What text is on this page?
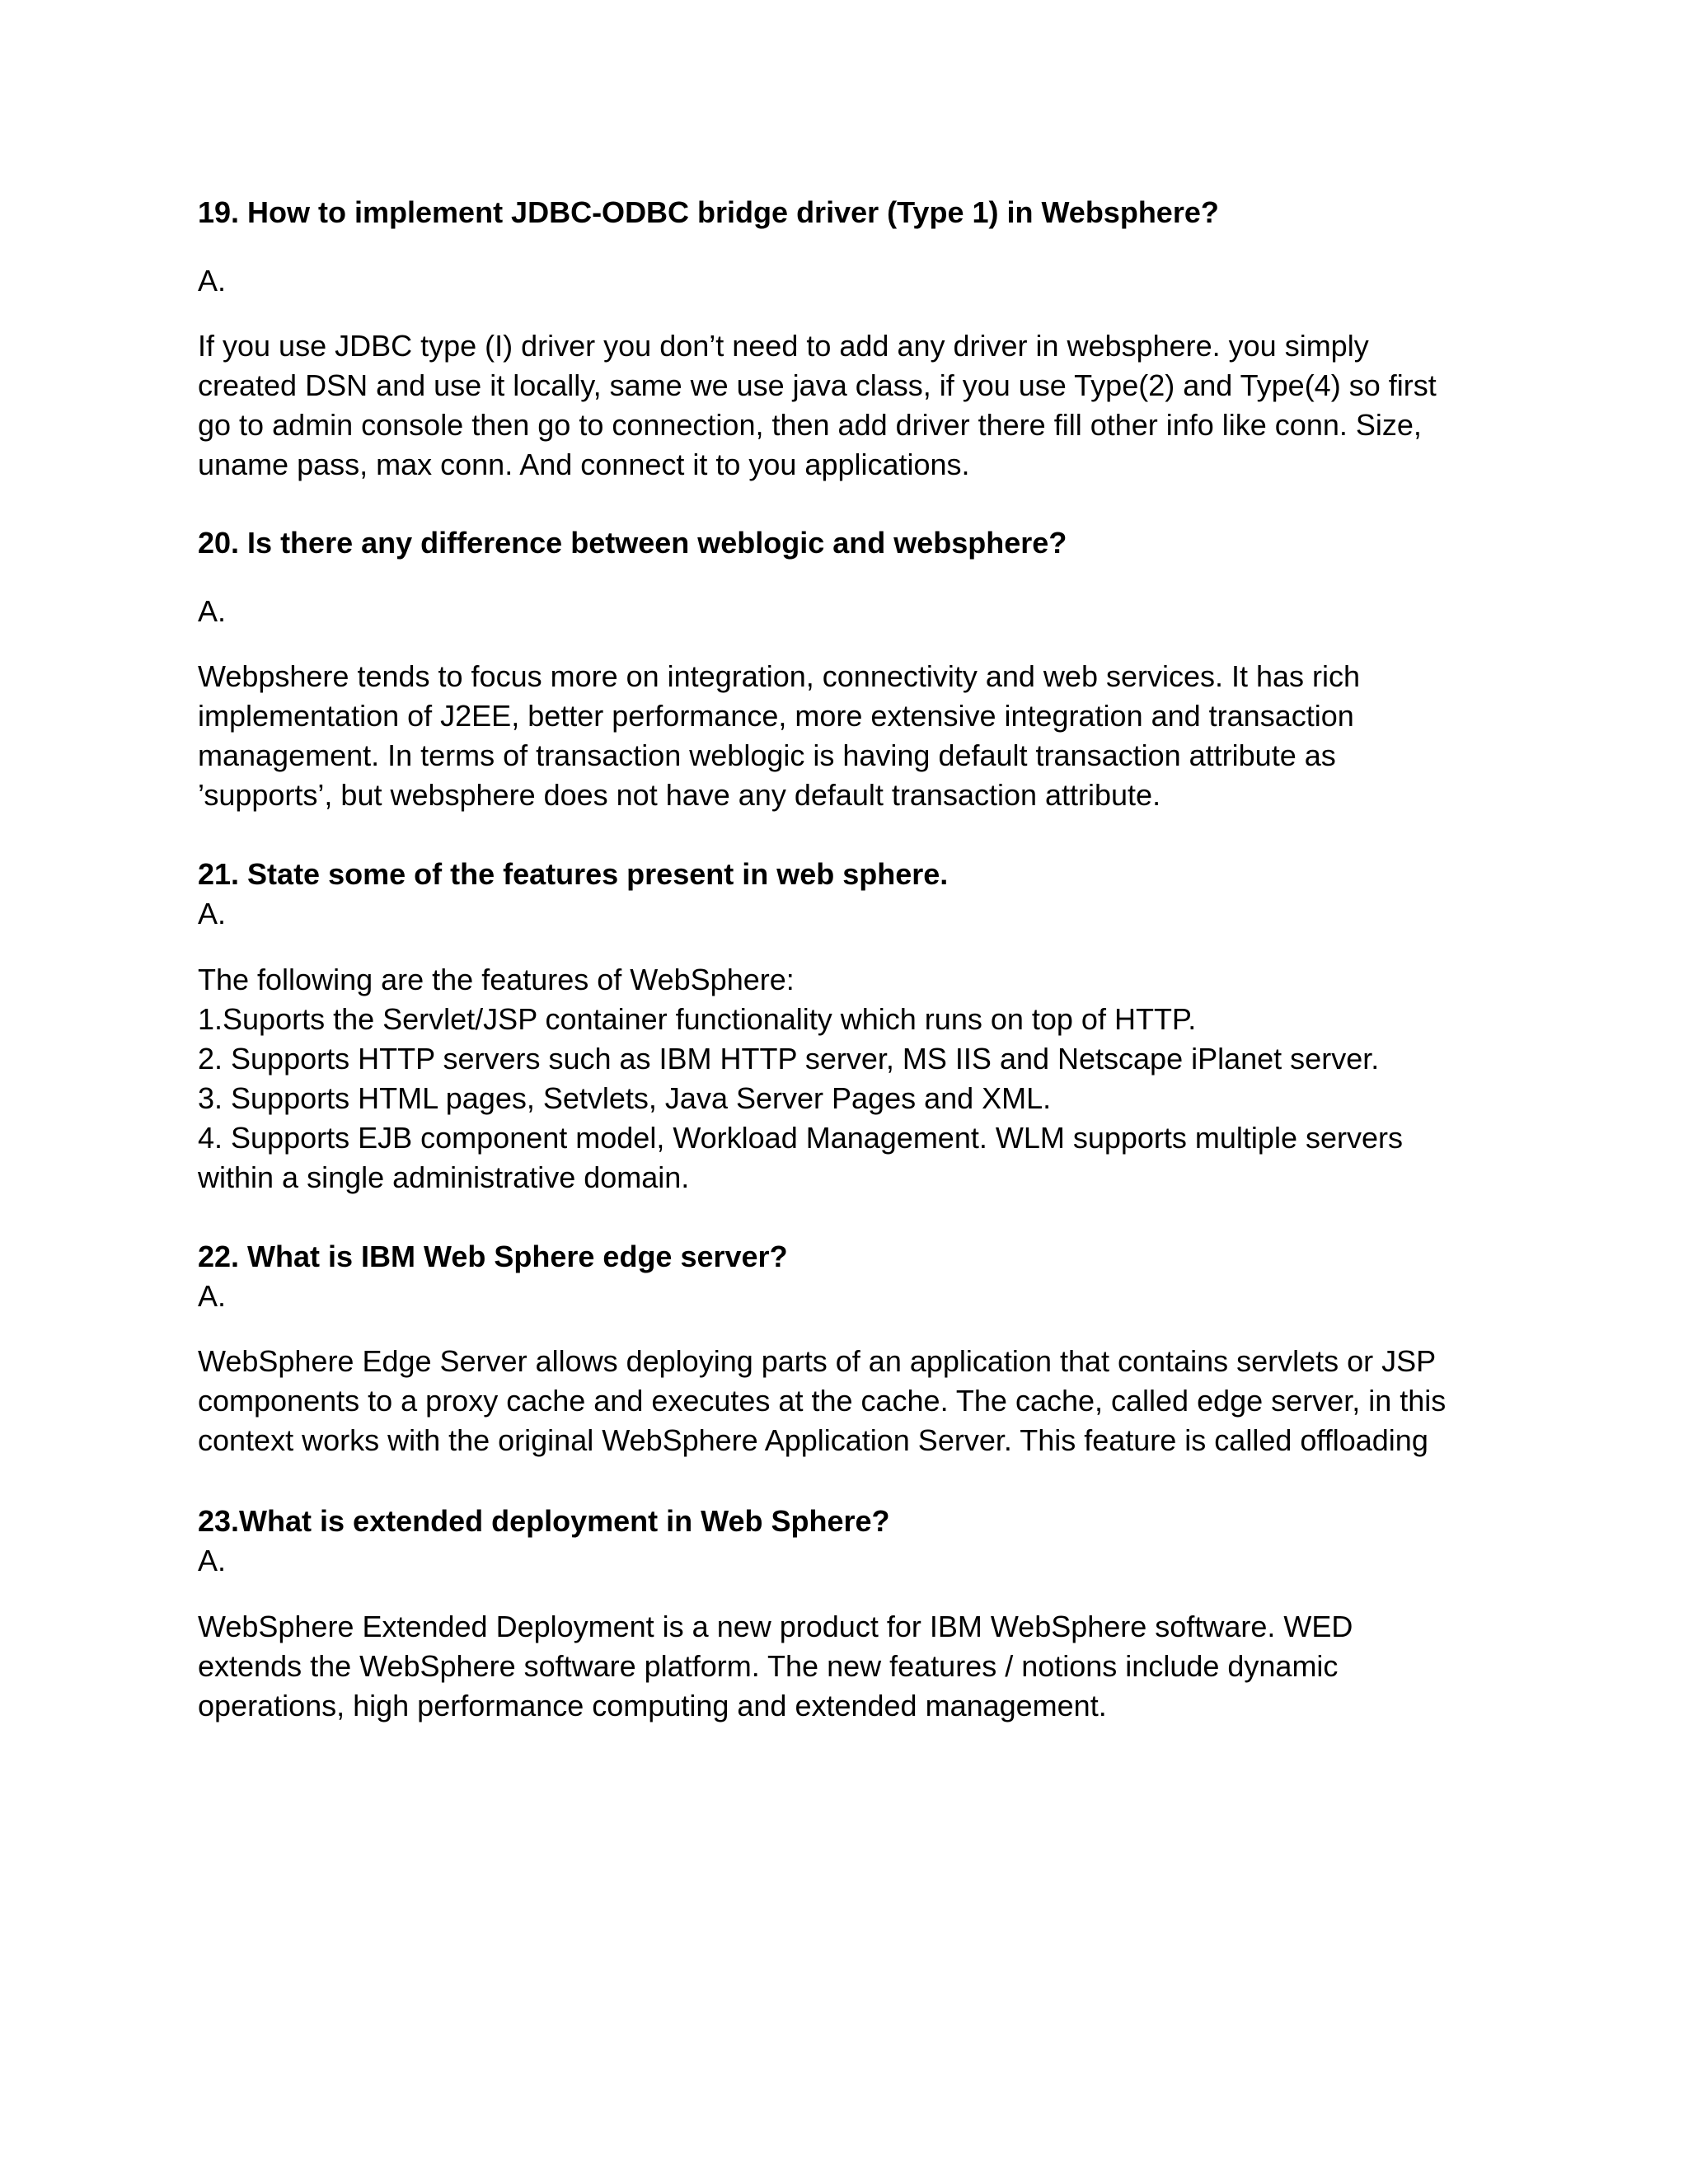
19. How to implement JDBC-ODBC bridge driver (Type 1) in Websphere?

A.

If you use JDBC type (I) driver you don’t need to add any driver in websphere. you simply

created DSN and use it locally, same we use java class, if you use Type(2) and Type(4) so first

go to admin console then go to connection, then add driver there fill other info like conn. Size,

uname pass, max conn. And connect it to you applications.

20. Is there any difference between weblogic and websphere?

A.

Webpshere tends to focus more on integration, connectivity and web services. It has rich

implementation of J2EE, better performance, more extensive integration and transaction

management. In terms of transaction weblogic is having default transaction attribute as

’supports’, but websphere does not have any default transaction attribute.

21. State some of the features present in web sphere.

A.

The following are the features of WebSphere:

1.Suports the Servlet/JSP container functionality which runs on top of HTTP.

2. Supports HTTP servers such as IBM HTTP server, MS IIS and Netscape iPlanet server.

3. Supports HTML pages, Setvlets, Java Server Pages and XML.

4. Supports EJB component model, Workload Management. WLM supports multiple servers

within a single administrative domain.

22. What is IBM Web Sphere edge server?

A.

WebSphere Edge Server allows deploying parts of an application that contains servlets or JSP

components to a proxy cache and executes at the cache. The cache, called edge server, in this

context works with the original WebSphere Application Server. This feature is called offloading

23.What is extended deployment in Web Sphere?

A.

WebSphere Extended Deployment is a new product for IBM WebSphere software. WED

extends the WebSphere software platform. The new features / notions include dynamic

operations, high performance computing and extended management.
